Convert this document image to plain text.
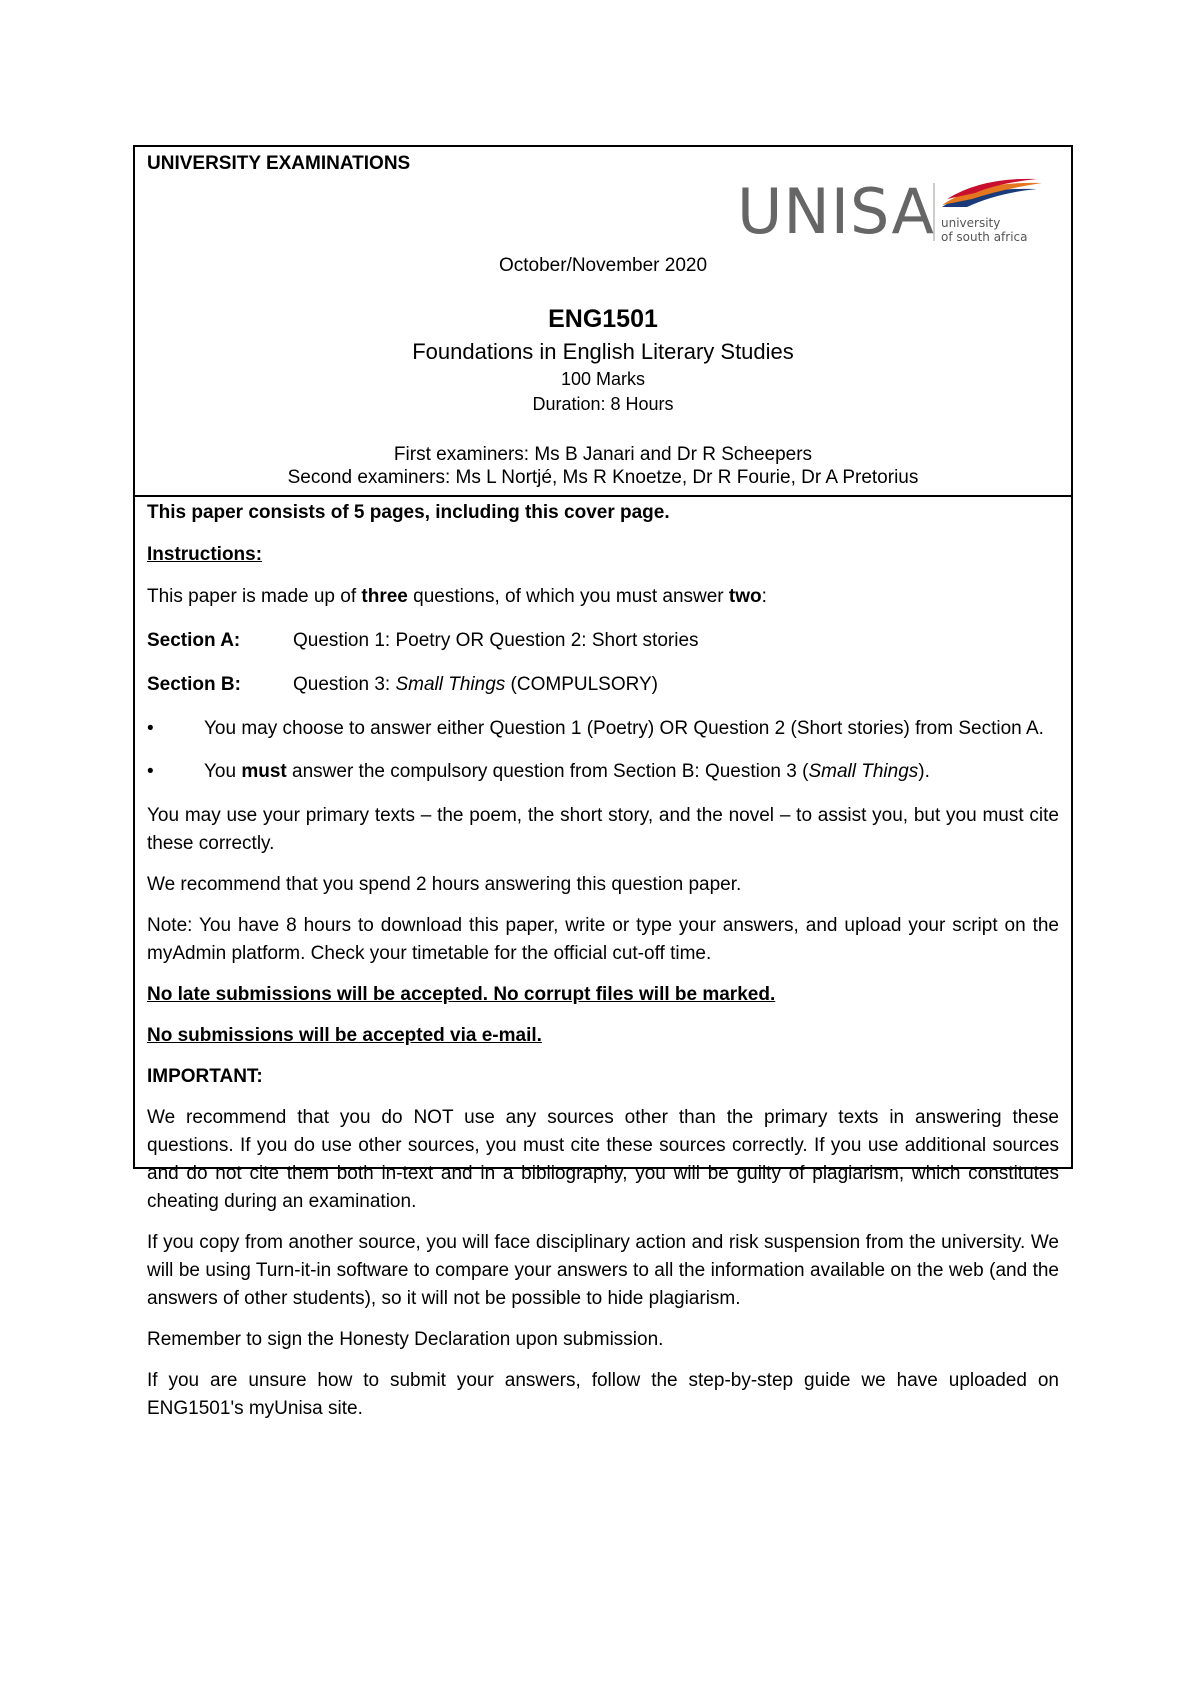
UNIVERSITY EXAMINATIONS
UNISA university
of south africa
October/November 2020
ENG1501
Foundations in English Literary Studies
100 Marks
Duration: 8 Hours
First examiners: Ms B Janari and Dr R Scheepers
Second examiners: Ms L Nortjé, Ms R Knoetze, Dr R Fourie, Dr A Pretorius

This paper consists of 5 pages, including this cover page.

Instructions:

This paper is made up of three questions, of which you must answer two:

Section A:	Question 1: Poetry OR Question 2: Short stories
Section B:	Question 3: Small Things (COMPULSORY)
•	You may choose to answer either Question 1 (Poetry) OR Question 2 (Short stories) from Section A.
•	You must answer the compulsory question from Section B: Question 3 (Small Things).

You may use your primary texts – the poem, the short story, and the novel – to assist you, but you must cite these correctly.

We recommend that you spend 2 hours answering this question paper.

Note: You have 8 hours to download this paper, write or type your answers, and upload your script on the myAdmin platform. Check your timetable for the official cut-off time.

No late submissions will be accepted. No corrupt files will be marked.

No submissions will be accepted via e-mail.

IMPORTANT:

We recommend that you do NOT use any sources other than the primary texts in answering these questions. If you do use other sources, you must cite these sources correctly. If you use additional sources and do not cite them both in-text and in a bibliography, you will be guilty of plagiarism, which constitutes cheating during an examination.

If you copy from another source, you will face disciplinary action and risk suspension from the university. We will be using Turn-it-in software to compare your answers to all the information available on the web (and the answers of other students), so it will not be possible to hide plagiarism.

Remember to sign the Honesty Declaration upon submission.

If you are unsure how to submit your answers, follow the step-by-step guide we have uploaded on ENG1501's myUnisa site.
